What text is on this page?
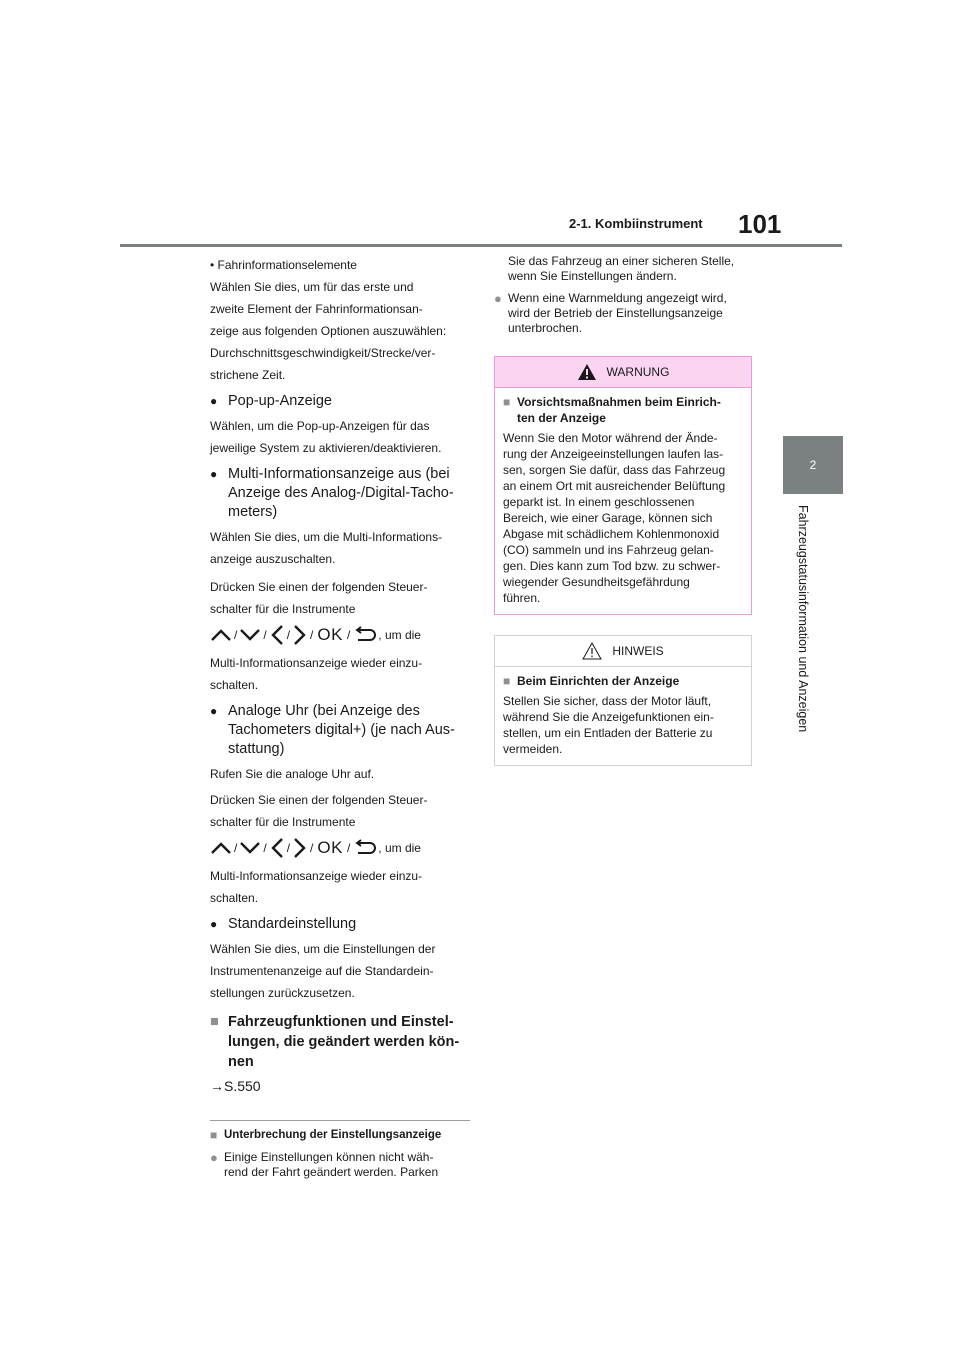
2-1. Kombiinstrument 101
2
Fahrzeugstatusinformation und Anzeigen

• Fahrinformationselemente

Wählen Sie dies, um für das erste und

zweite Element der Fahrinformationsan-

zeige aus folgenden Optionen auszuwählen:

Durchschnittsgeschwindigkeit/Strecke/ver-

strichene Zeit.

● Pop-up-Anzeige

Wählen, um die Pop-up-Anzeigen für das

jeweilige System zu aktivieren/deaktivieren.

● Multi-Informationsanzeige aus (bei
Anzeige des Analog-/Digital-Tacho-
meters)

Wählen Sie dies, um die Multi-Informations-

anzeige auszuschalten.

Drücken Sie einen der folgenden Steuer-

schalter für die Instrumente

/ / / / OK / , um die

Multi-Informationsanzeige wieder einzu-

schalten.

● Analoge Uhr (bei Anzeige des
Tachometers digital+) (je nach Aus-
stattung)

Rufen Sie die analoge Uhr auf.

Drücken Sie einen der folgenden Steuer-

schalter für die Instrumente

/ / / / OK / , um die

Multi-Informationsanzeige wieder einzu-

schalten.

● Standardeinstellung

Wählen Sie dies, um die Einstellungen der

Instrumentenanzeige auf die Standardein-

stellungen zurückzusetzen.

■ Fahrzeugfunktionen und Einstel-
lungen, die geändert werden kön-
nen

→S.550

■ Unterbrechung der Einstellungsanzeige
● Einige Einstellungen können nicht wäh-
rend der Fahrt geändert werden. Parken
Sie das Fahrzeug an einer sicheren Stelle,
wenn Sie Einstellungen ändern.
● Wenn eine Warnmeldung angezeigt wird,
wird der Betrieb der Einstellungsanzeige
unterbrochen.
WARNUNG
■ Vorsichtsmaßnahmen beim Einrich-
ten der Anzeige
Wenn Sie den Motor während der Ände-
rung der Anzeigeeinstellungen laufen las-
sen, sorgen Sie dafür, dass das Fahrzeug
an einem Ort mit ausreichender Belüftung
geparkt ist. In einem geschlossenen
Bereich, wie einer Garage, können sich
Abgase mit schädlichem Kohlenmonoxid
(CO) sammeln und ins Fahrzeug gelan-
gen. Dies kann zum Tod bzw. zu schwer-
wiegender Gesundheitsgefährdung
führen.
HINWEIS
■ Beim Einrichten der Anzeige
Stellen Sie sicher, dass der Motor läuft,
während Sie die Anzeigefunktionen ein-
stellen, um ein Entladen der Batterie zu
vermeiden.
